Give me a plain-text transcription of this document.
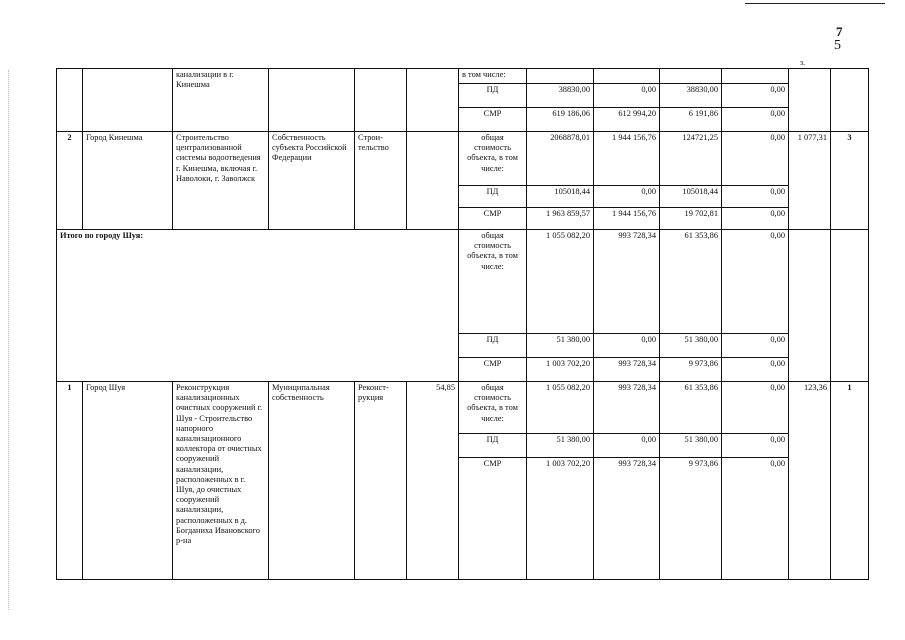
7
5
з.
		канализации в г. Кинешма				в том числе:						
						ПД	38830,00	0,00	38830,00	0,00		
						СМР	619 186,06	612 994,20	6 191,86	0,00		
2	Город Кинешма	Строительство централизованной системы водоотведения г. Кинешма, включая г. Наволоки, г. Заволжск	Собственность субъекта Российской Федерации	Строи-тельство		общая стоимость объекта, в том числе:	2068878,01	1 944 156,76	124721,25	0,00	1 077,31	3
						ПД	105018,44	0,00	105018,44	0,00		
						СМР	1 963 859,57	1 944 156,76	19 702,81	0,00		
Итого по городу Шуя:						общая стоимость объекта, в том числе:	1 055 082,20	993 728,34	61 353,86	0,00		
						ПД	51 380,00	0,00	51 380,00	0,00		
						СМР	1 003 702,20	993 728,34	9 973,86	0,00		
1	Город Шуя	Реконструкция канализационных очистных сооружений г. Шуя - Строительство напорного канализационного коллектора от очистных сооружений канализации, расположенных в г. Шуя, до очистных сооружений канализации, расположенных в д. Богданиха Ивановского р-на	Муниципальная собственность	Реконст-рукция	54,85	общая стоимость объекта, в том числе:	1 055 082,20	993 728,34	61 353,86	0,00	123,36	1
						ПД	51 380,00	0,00	51 380,00	0,00		
						СМР	1 003 702,20	993 728,34	9 973,86	0,00		
